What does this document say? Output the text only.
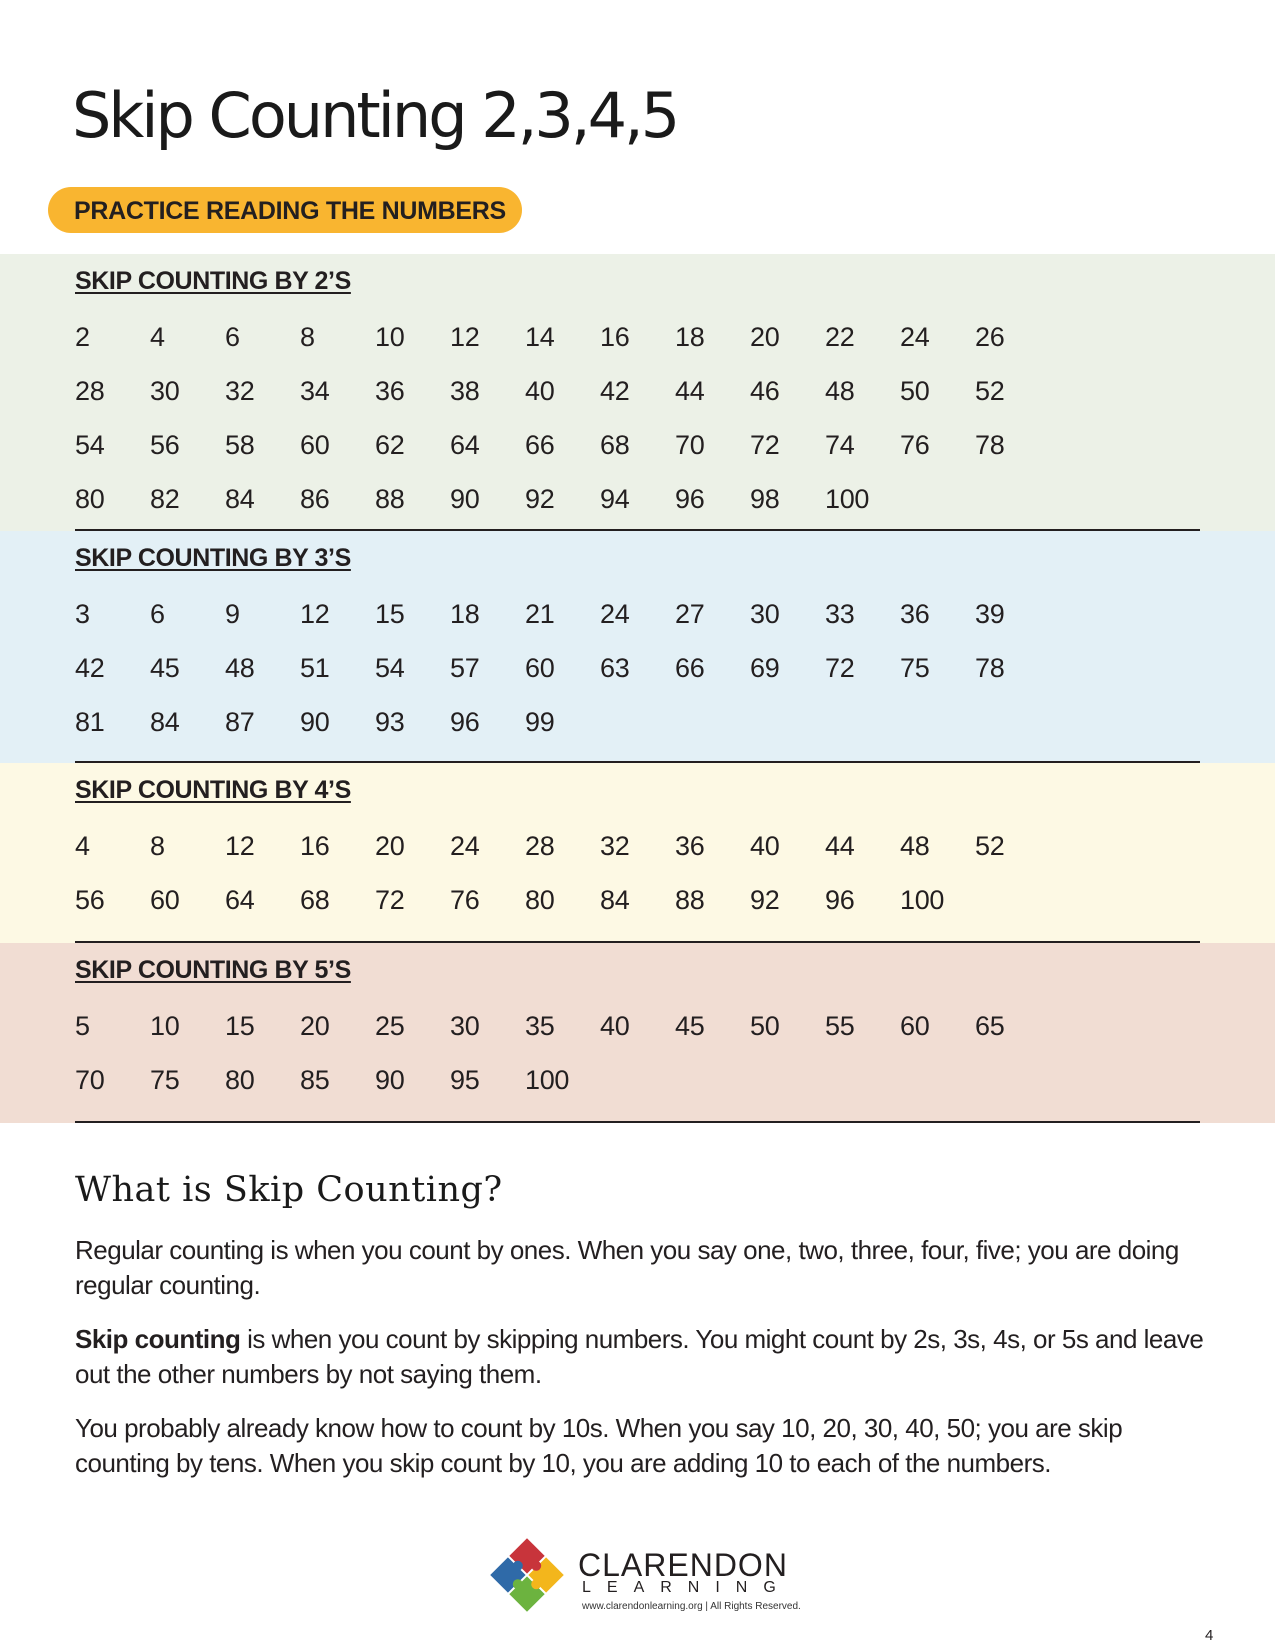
Skip Counting 2,3,4,5
PRACTICE READING THE NUMBERS
SKIP COUNTING BY 2’S
2	4	6	8	10	12	14	16	18	20	22	24	26
28	30	32	34	36	38	40	42	44	46	48	50	52
54	56	58	60	62	64	66	68	70	72	74	76	78
80	82	84	86	88	90	92	94	96	98	100
SKIP COUNTING BY 3’S
3	6	9	12	15	18	21	24	27	30	33	36	39
42	45	48	51	54	57	60	63	66	69	72	75	78
81	84	87	90	93	96	99
SKIP COUNTING BY 4’S
4	8	12	16	20	24	28	32	36	40	44	48	52
56	60	64	68	72	76	80	84	88	92	96	100
SKIP COUNTING BY 5’S
5	10	15	20	25	30	35	40	45	50	55	60	65
70	75	80	85	90	95	100
What is Skip Counting?

Regular counting is when you count by ones. When you say one, two, three, four, five; you are doing regular counting.

Skip counting is when you count by skipping numbers. You might count by 2s, 3s, 4s, or 5s and leave out the other numbers by not saying them.

You probably already know how to count by 10s. When you say 10, 20, 30, 40, 50; you are skip counting by tens. When you skip count by 10, you are adding 10 to each of the numbers.

CLARENDON
LEARNING
www.clarendonlearning.org | All Rights Reserved.
4
